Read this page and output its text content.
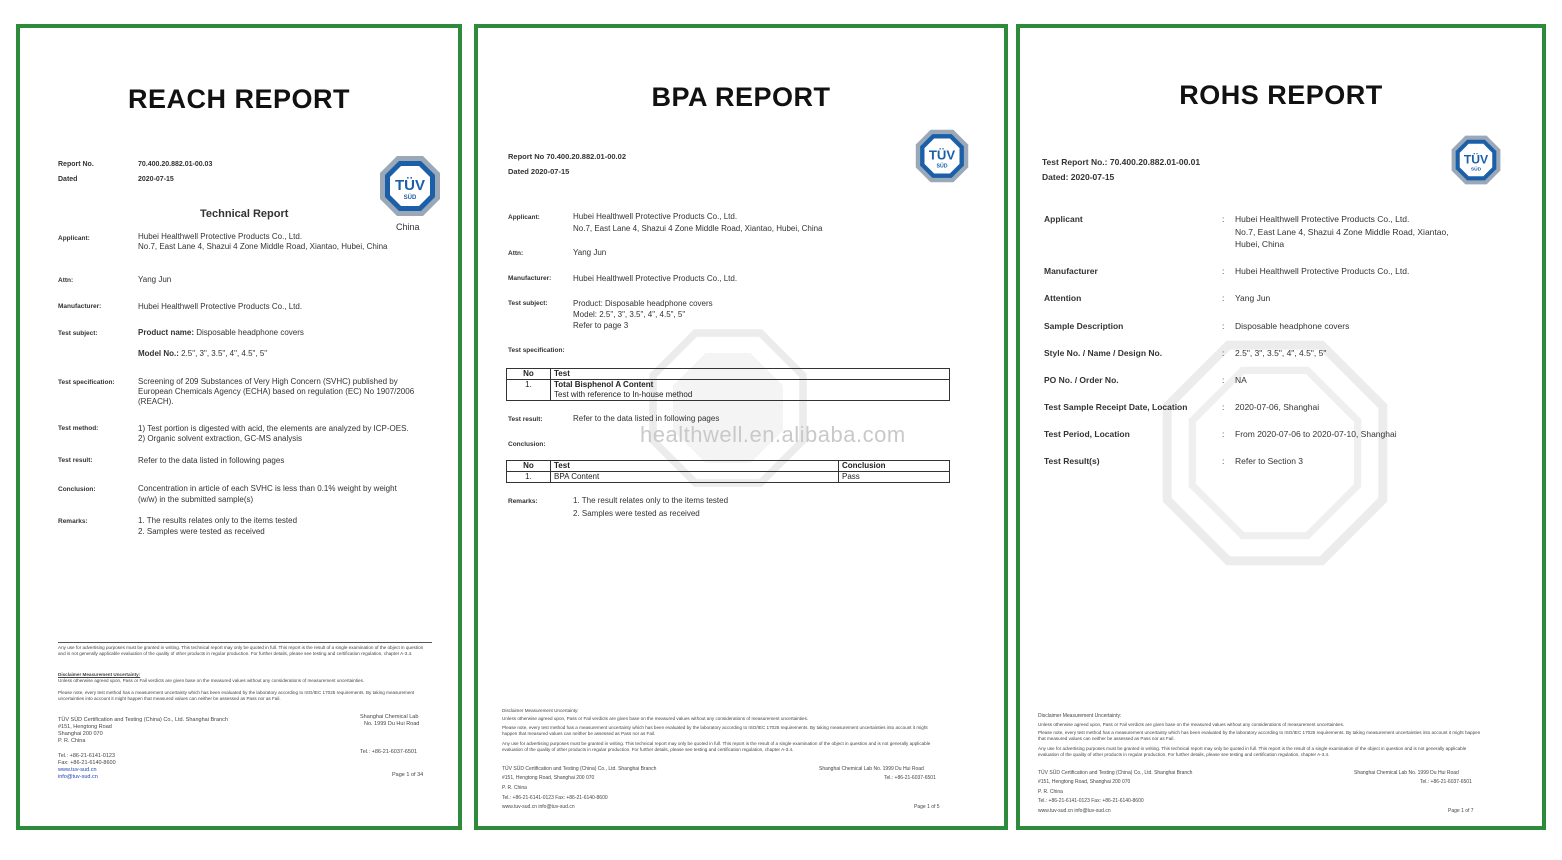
REACH REPORT
Report No.	70.400.20.882.01-00.03
Dated	2020-07-15	TÜV
SÜD
China
Technical Report
Applicant:	Hubei Healthwell Protective Products Co., Ltd.
No.7, East Lane 4, Shazui 4 Zone Middle Road, Xiantao, Hubei, China
Attn:	Yang Jun
Manufacturer:	Hubei Healthwell Protective Products Co., Ltd.
Test subject:	Product name: Disposable headphone covers
Model No.: 2.5", 3", 3.5", 4", 4.5", 5"
Test specification:	Screening of 209 Substances of Very High Concern (SVHC) published by
European Chemicals Agency (ECHA) based on regulation (EC) No 1907/2006
(REACH).
Test method:	1) Test portion is digested with acid, the elements are analyzed by ICP-OES.
2) Organic solvent extraction, GC-MS analysis
Test result:	Refer to the data listed in following pages
Conclusion:	Concentration in article of each SVHC is less than 0.1% weight by weight
(w/w) in the submitted sample(s)
Remarks:	1. The results relates only to the items tested
2. Samples were tested as received
Any use for advertising purposes must be granted in writing. This technical report may only be quoted in full. This report is the result of a single examination of the object in question and is not generally applicable evaluation of the quality of other products in regular production. For further details, please see testing and certification regulation, chapter A-3.4.
Disclaimer Measurement Uncertainty:
Unless otherwise agreed upon, Pass or Fail verdicts are given base on the measured values without any considerations of measurement uncertainties.
Please note, every test method has a measurement uncertainty which has been evaluated by the laboratory according to ISO/IEC 17025 requirements. By taking measurement uncertainties into account it might happen that measured values can neither be assessed as Pass nor as Fail.
TÜV SÜD Certification and Testing (China) Co., Ltd. Shanghai Branch
#151, Hengtong Road
Shanghai 200 070
P. R. China
Shanghai Chemical Lab
No. 1999 Du Hui Road
Tel.: +86-21-6141-0123
Fax: +86-21-6140-8600
Tel.: +86-21-6037-6501
www.tuv-sud.cn
info@tuv-sud.cn	Page 1 of 34
BPA REPORT
Report No 70.400.20.882.01-00.02
Dated 2020-07-15
TÜV
SÜD
Applicant:	Hubei Healthwell Protective Products Co., Ltd.
No.7, East Lane 4, Shazui 4 Zone Middle Road, Xiantao, Hubei, China
Attn:	Yang Jun
Manufacturer:	Hubei Healthwell Protective Products Co., Ltd.
Test subject:	Product: Disposable headphone covers
Model: 2.5", 3", 3.5", 4", 4.5", 5"
Refer to page 3
Test specification:
No	Test
1.	Total Bisphenol A Content
Test with reference to In-house method
Test result:	Refer to the data listed in following pages
healthwell.en.alibaba.com
Conclusion:
No	Test	Conclusion
1.	BPA Content	Pass
Remarks:	1. The result relates only to the items tested
2. Samples were tested as received
Disclaimer Measurement Uncertainty:
Unless otherwise agreed upon, Pass or Fail verdicts are given base on the measured values without any considerations of measurement uncertainties.
Please note, every test method has a measurement uncertainty which has been evaluated by the laboratory according to ISO/IEC 17025 requirements. By taking measurement uncertainties into account it might happen that measured values can neither be assessed as Pass nor as Fail.
Any use for advertising purposes must be granted in writing. This technical report may only be quoted in full. This report is the result of a single examination of the object in question and is not generally applicable evaluation of the quality of other products in regular production. For further details, please see testing and certification regulation, chapter A-3.4.
TÜV SÜD Certification and Testing (China) Co., Ltd. Shanghai Branch
#151, Hengtong Road, Shanghai 200 070
P. R. China
Tel.: +86-21-6141-0123 Fax: +86-21-6140-8600
www.tuv-sud.cn info@tuv-sud.cn
Shanghai Chemical Lab No. 1999 Du Hui Road
Tel.: +86-21-6037-6501
Page 1 of 5
ROHS REPORT
Test Report No.: 70.400.20.882.01-00.01
Dated: 2020-07-15
TÜV
SÜD
Applicant	: Hubei Healthwell Protective Products Co., Ltd.
No.7, East Lane 4, Shazui 4 Zone Middle Road, Xiantao,
Hubei, China
Manufacturer	: Hubei Healthwell Protective Products Co., Ltd.
Attention	: Yang Jun
Sample Description	: Disposable headphone covers
Style No. / Name / Design No.	: 2.5", 3", 3.5", 4", 4.5", 5"
PO No. / Order No.	: NA
Test Sample Receipt Date, Location	: 2020-07-06, Shanghai
Test Period, Location	: From 2020-07-06 to 2020-07-10, Shanghai
Test Result(s)	: Refer to Section 3
Disclaimer Measurement Uncertainty:
Unless otherwise agreed upon, Pass or Fail verdicts are given base on the measured values without any considerations of measurement uncertainties.
Please note, every test method has a measurement uncertainty which has been evaluated by the laboratory according to ISO/IEC 17025 requirements. By taking measurement uncertainties into account it might happen that measured values can neither be assessed as Pass nor as Fail.
Any use for advertising purposes must be granted in writing. This technical report may only be quoted in full. This report is the result of a single examination of the object in question and is not generally applicable evaluation of the quality of other products in regular production. For further details, please see testing and certification regulation, chapter A-3.4.
TÜV SÜD Certification and Testing (China) Co., Ltd. Shanghai Branch
#151, Hengtong Road, Shanghai 200 070
P. R. China
Tel.: +86-21-6141-0123 Fax: +86-21-6140-8600
www.tuv-sud.cn info@tuv-sud.cn
Shanghai Chemical Lab No. 1999 Du Hui Road
Tel.: +86-21-6037-6501
Page 1 of 7
